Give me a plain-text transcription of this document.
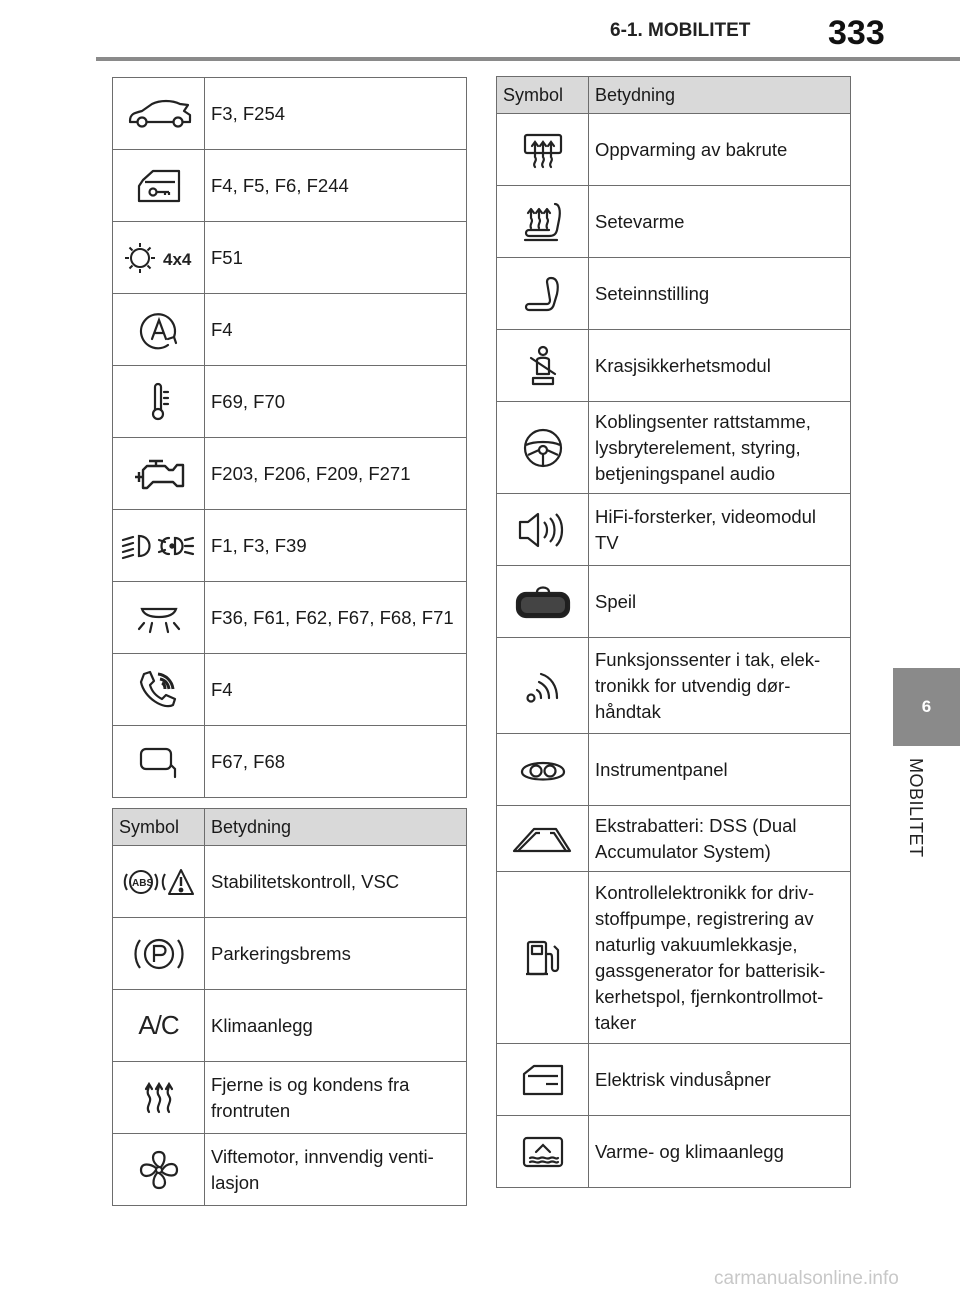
6-1. MOBILITET 333
6
MOBILITET
	F3, F254
	F4, F5, F6, F244

4x4	F51
	F4
	F69, F70
	F203, F206, F209, F271
	F1, F3, F39
	F36, F61, F62, F67, F68, F71
	F4
	F67, F68
Symbol	Betydning

ABS	Stabilitetskontroll, VSC
	Parkeringsbrems
A/C	Klimaanlegg
	Fjerne is og kondens fra frontruten
	Viftemotor, innvendig venti-lasjon
Symbol	Betydning
	Oppvarming av bakrute
	Setevarme
	Seteinnstilling
	Krasjsikkerhetsmodul
	Koblingsenter rattstamme, lysbryterelement, styring, betjeningspanel audio
	HiFi-forsterker, videomodul TV
	Speil
	Funksjonssenter i tak, elek-tronikk for utvendig dør-håndtak
	Instrumentpanel
	Ekstrabatteri: DSS (Dual Accumulator System)
	Kontrollelektronikk for driv-stoffpumpe, registrering av naturlig vakuumlekkasje, gassgenerator for batterisik-kerhetspol, fjernkontrollmot-taker
	Elektrisk vindusåpner
	Varme- og klimaanlegg
carmanualsonline.info
